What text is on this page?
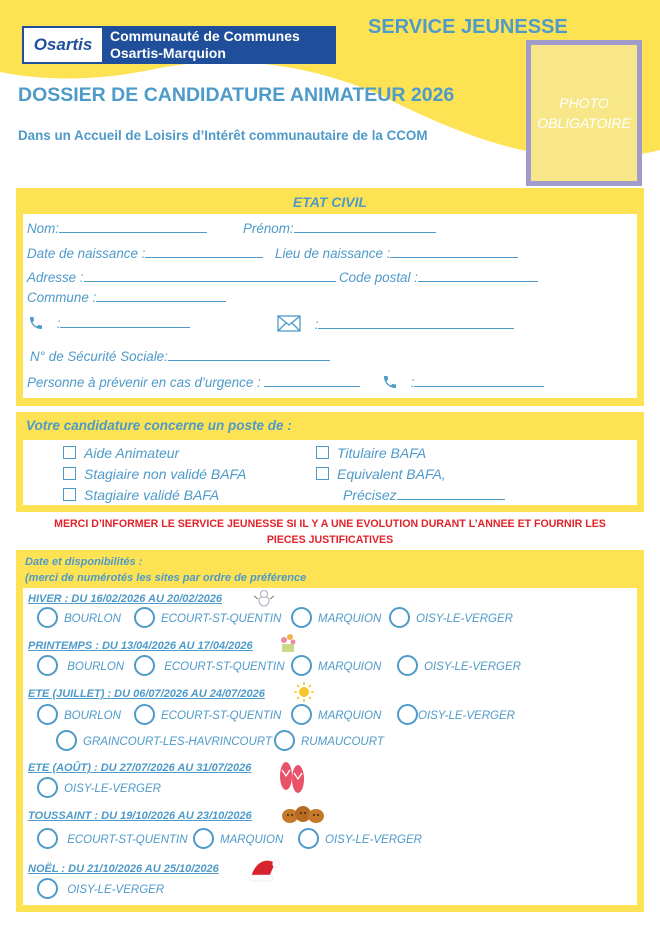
Osartis Communauté de Communes
Osartis-Marquion
SERVICE JEUNESSE
PHOTO
OBLIGATOIRE
DOSSIER DE CANDIDATURE ANIMATEUR 2026
Dans un Accueil de Loisirs d’Intérêt communautaire de la CCOM
ETAT CIVIL
Nom:	Prénom:
Date de naissance :	Lieu de naissance :
Adresse :	Code postal :
Commune :
:	:
N° de Sécurité Sociale:
Personne à prévenir en cas d’urgence :	:
Votre candidature concerne un poste de :
Aide Animateur
Stagiaire non validé BAFA
Stagiaire validé BAFA
Titulaire BAFA
Equivalent BAFA,
Précisez
MERCI D’INFORMER LE SERVICE JEUNESSE SI IL Y A UNE EVOLUTION DURANT L’ANNEE ET FOURNIR LES
PIECES JUSTIFICATIVES
Date et disponibilités :
(merci de numérotés les sites par ordre de préférence
HIVER : DU 16/02/2026 AU 20/02/2026
BOURLON	ECOURT-ST-QUENTIN	MARQUION	OISY-LE-VERGER
PRINTEMPS : DU 13/04/2026 AU 17/04/2026
BOURLON	ECOURT-ST-QUENTIN	MARQUION	OISY-LE-VERGER
ETE (JUILLET) : DU 06/07/2026 AU 24/07/2026
BOURLON	ECOURT-ST-QUENTIN	MARQUION	OISY-LE-VERGER
GRAINCOURT-LES-HAVRINCOURT	RUMAUCOURT
ETE (AOÛT) : DU 27/07/2026 AU 31/07/2026
OISY-LE-VERGER
TOUSSAINT : DU 19/10/2026 AU 23/10/2026
ECOURT-ST-QUENTIN	MARQUION	OISY-LE-VERGER
NOËL : DU 21/10/2026 AU 25/10/2026
OISY-LE-VERGER
